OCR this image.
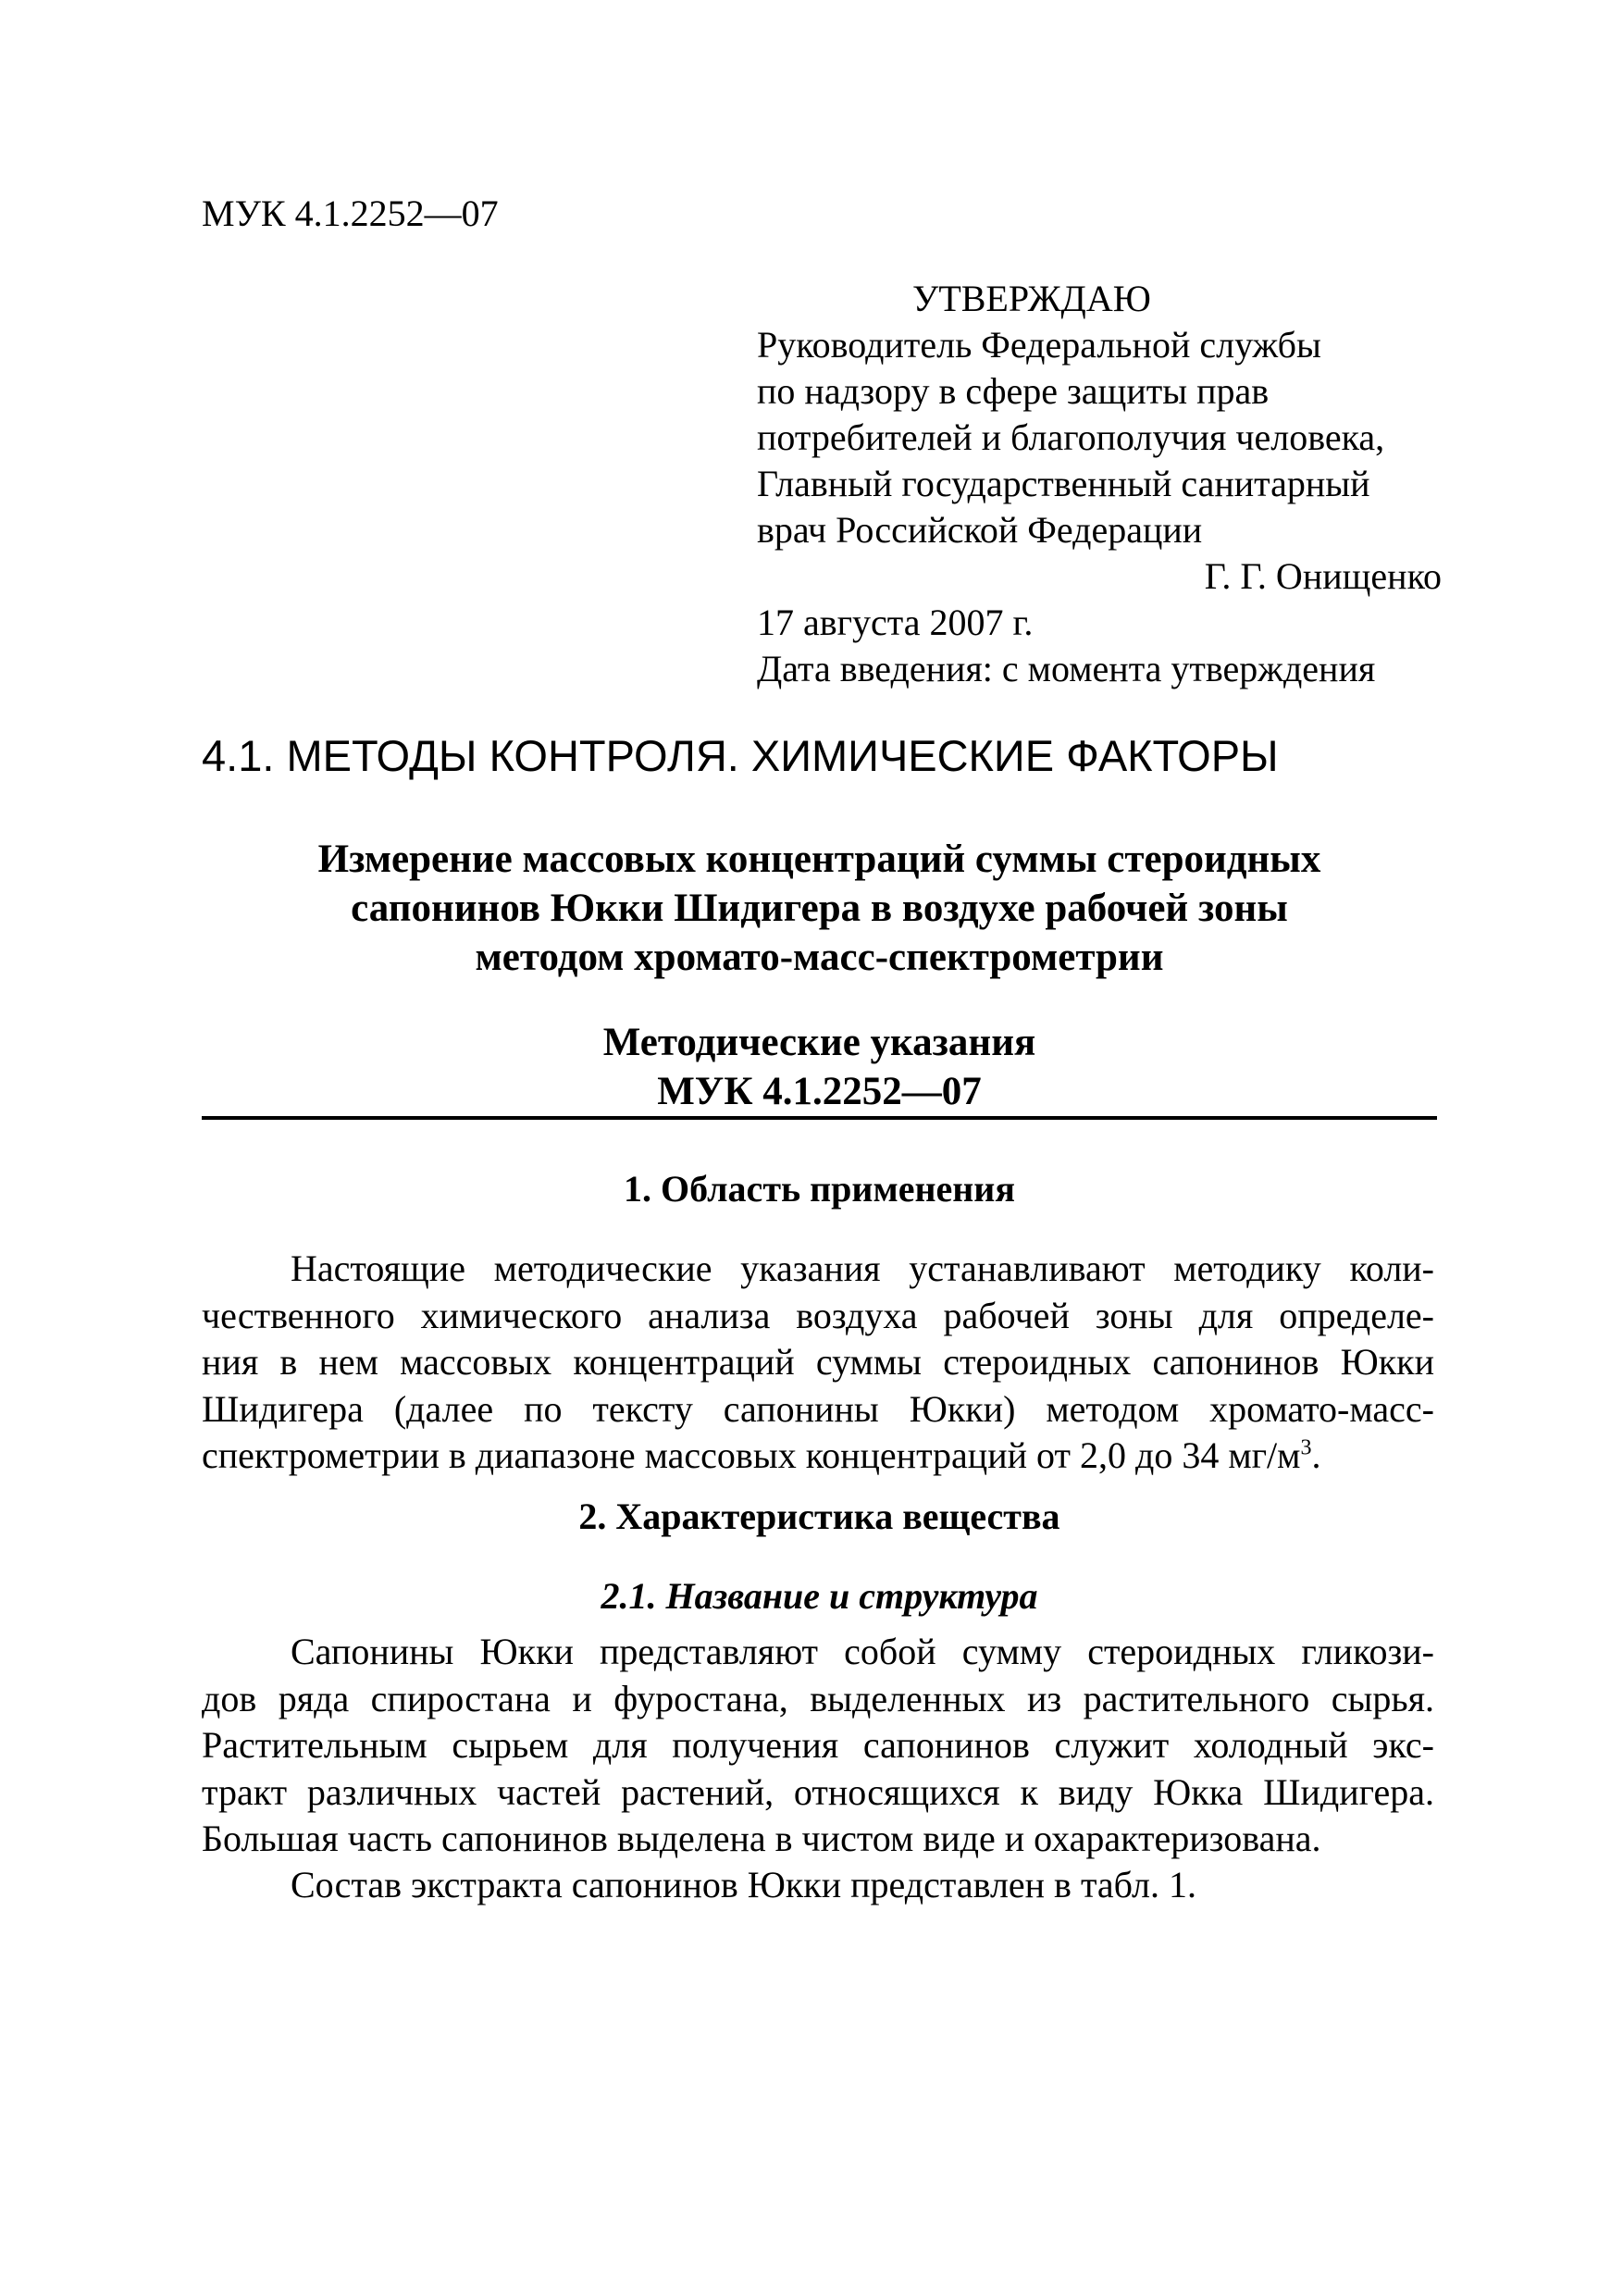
МУК 4.1.2252—07
УТВЕРЖДАЮ
Руководитель Федеральной службы
по надзору в сфере защиты прав
потребителей и благополучия человека,
Главный государственный санитарный
врач Российской Федерации
Г. Г. Онищенко
17 августа 2007 г.
Дата введения: с момента утверждения
4.1. МЕТОДЫ КОНТРОЛЯ. ХИМИЧЕСКИЕ ФАКТОРЫ
Измерение массовых концентраций суммы стероидных
сапонинов Юкки Шидигера в воздухе рабочей зоны
методом хромато-масс-спектрометрии
Методические указания
МУК 4.1.2252—07
1. Область применения
Настоящие методические указания устанавливают методику коли-
чественного химического анализа воздуха рабочей зоны для определе-
ния в нем массовых концентраций суммы стероидных сапонинов Юкки
Шидигера (далее по тексту сапонины Юкки) методом хромато-масс-
спектрометрии в диапазоне массовых концентраций от 2,0 до 34 $мг/м^3$.
2. Характеристика вещества
2.1. Название и структура
Сапонины Юкки представляют собой сумму стероидных гликози-
дов ряда спиростана и фуростана, выделенных из растительного сырья.
Растительным сырьем для получения сапонинов служит холодный экс-
тракт различных частей растений, относящихся к виду Юкка Шидигера.
Большая часть сапонинов выделена в чистом виде и охарактеризована.
Состав экстракта сапонинов Юкки представлен в табл. 1.
